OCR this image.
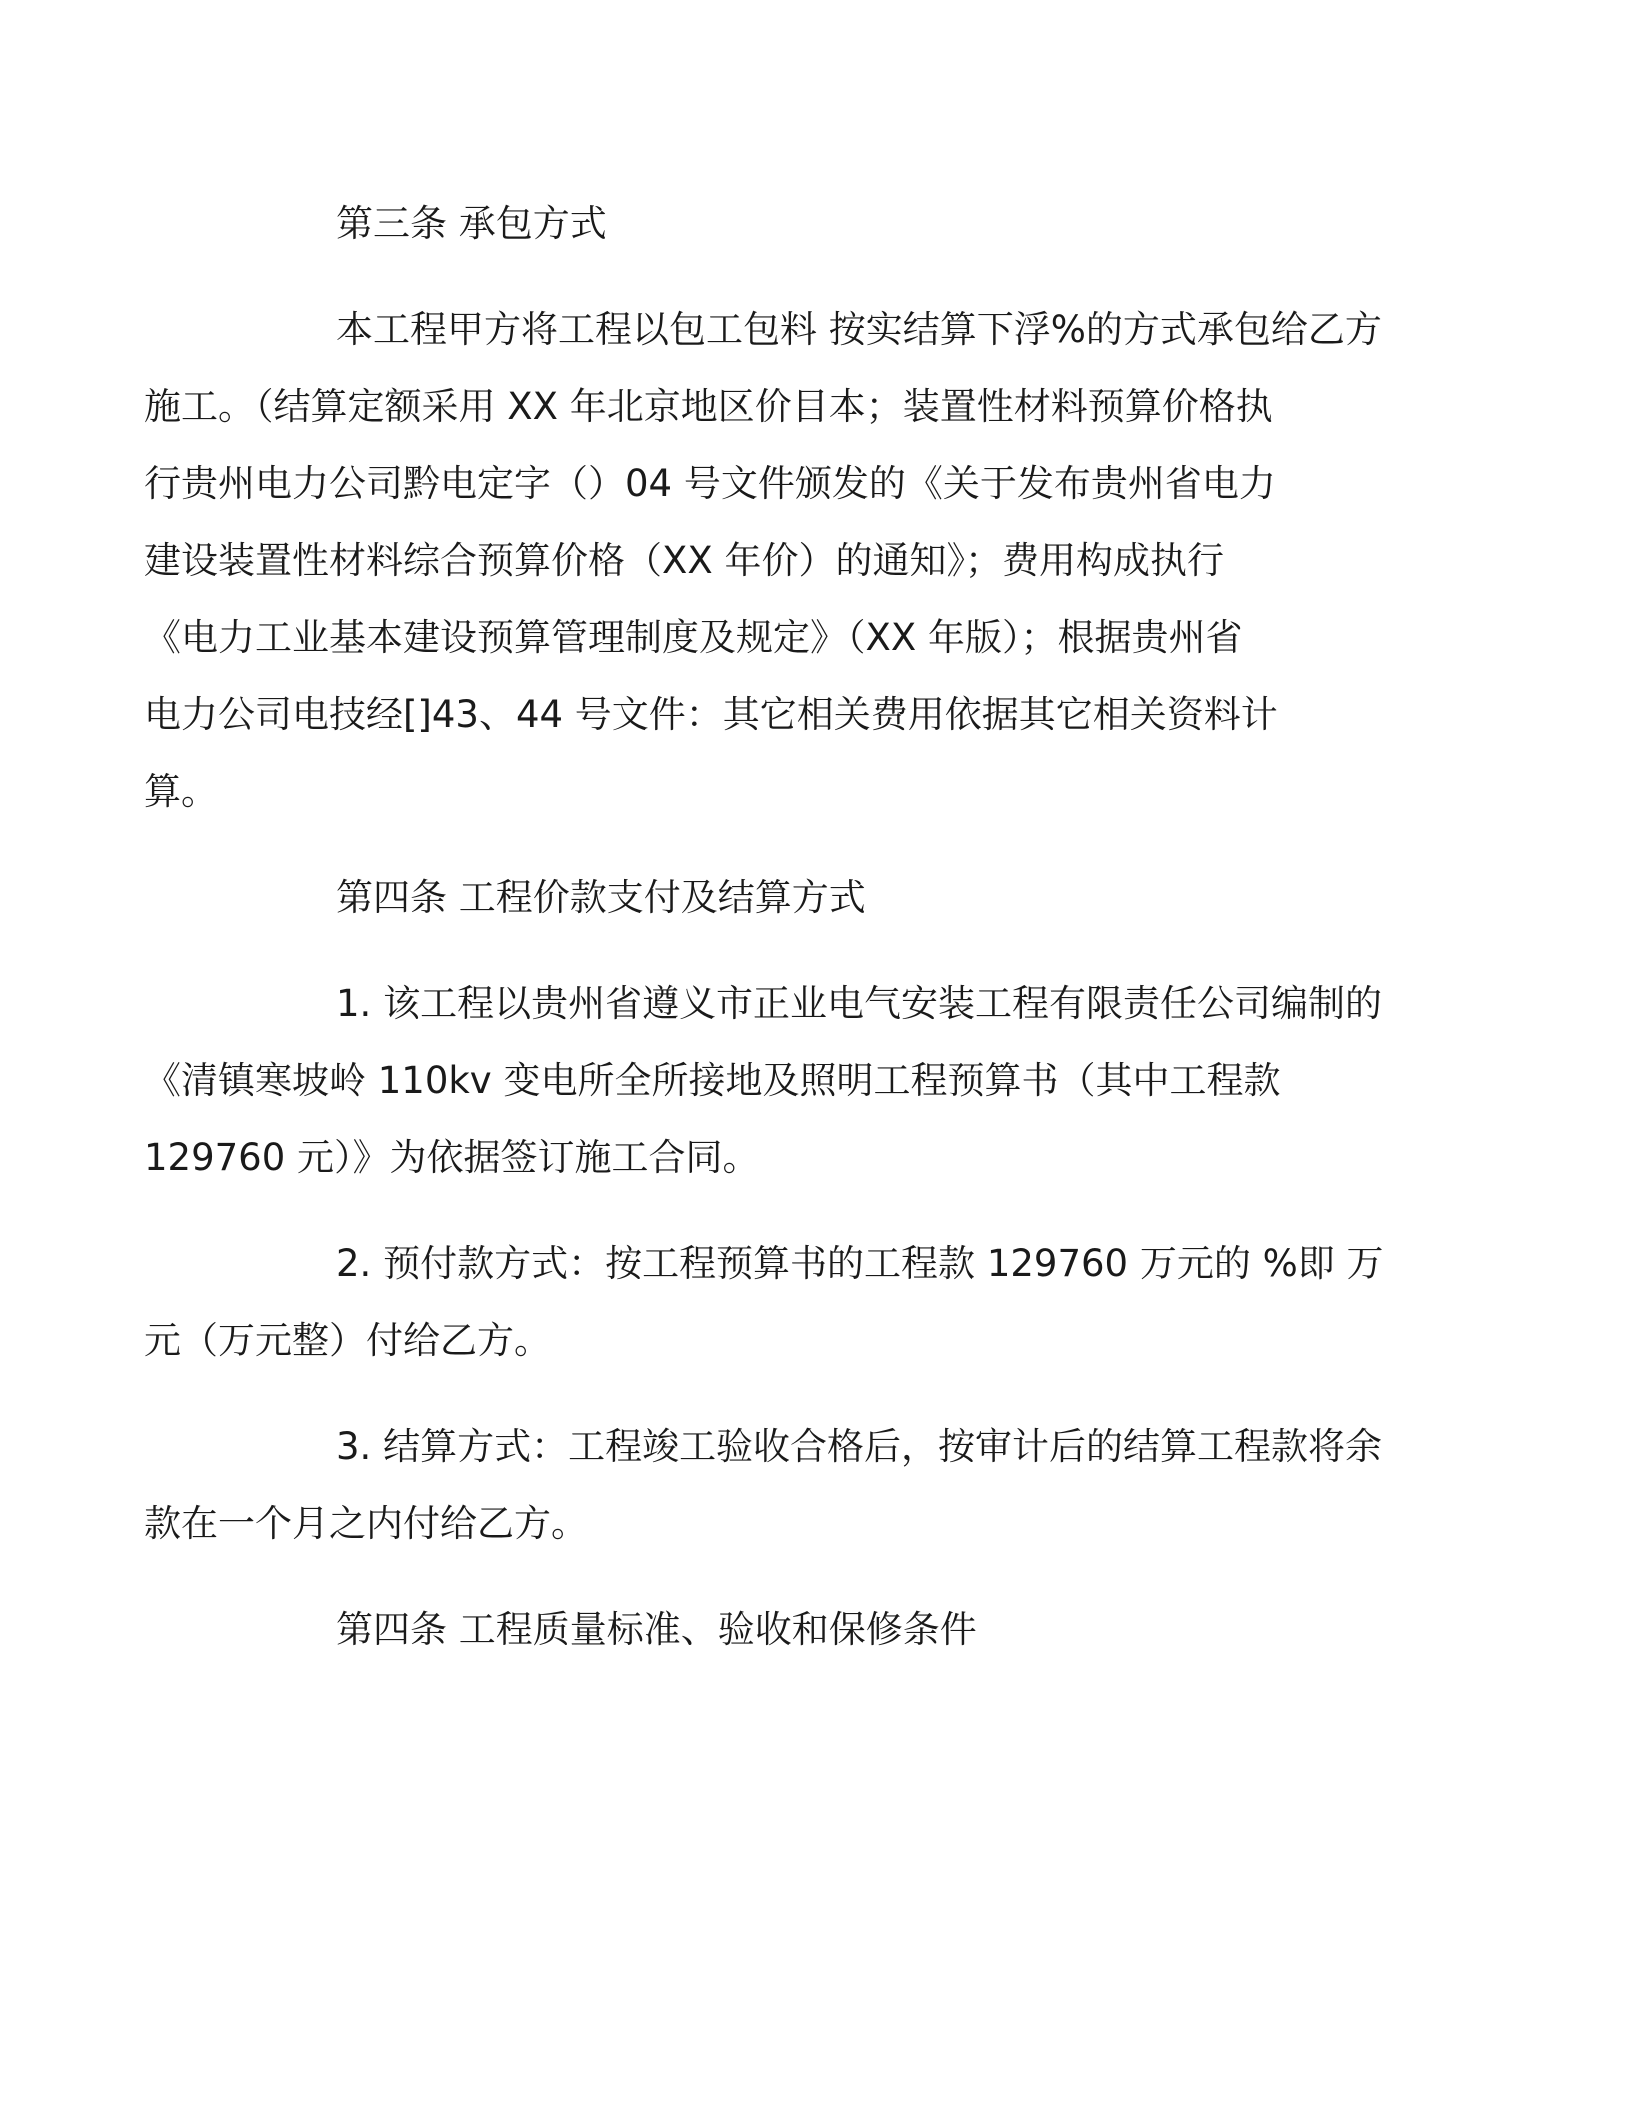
第三条 承包方式
本工程甲方将工程以包工包料 按实结算下浮%的方式承包给乙方
施工。（结算定额采用 XX 年北京地区价目本；装置性材料预算价格执
行贵州电力公司黔电定字（）04 号文件颁发的《关于发布贵州省电力
建设装置性材料综合预算价格（XX 年价）的通知》；费用构成执行
《电力工业基本建设预算管理制度及规定》（XX 年版）；根据贵州省
电力公司电技经[]43、44 号文件：其它相关费用依据其它相关资料计
算。
第四条 工程价款支付及结算方式
1. 该工程以贵州省遵义市正业电气安装工程有限责任公司编制的
《清镇寒坡岭 110kv 变电所全所接地及照明工程预算书（其中工程款
129760 元）》为依据签订施工合同。
2. 预付款方式：按工程预算书的工程款 129760 万元的 %即 万
元（万元整）付给乙方。
3. 结算方式：工程竣工验收合格后，按审计后的结算工程款将余
款在一个月之内付给乙方。
第四条 工程质量标准、验收和保修条件
